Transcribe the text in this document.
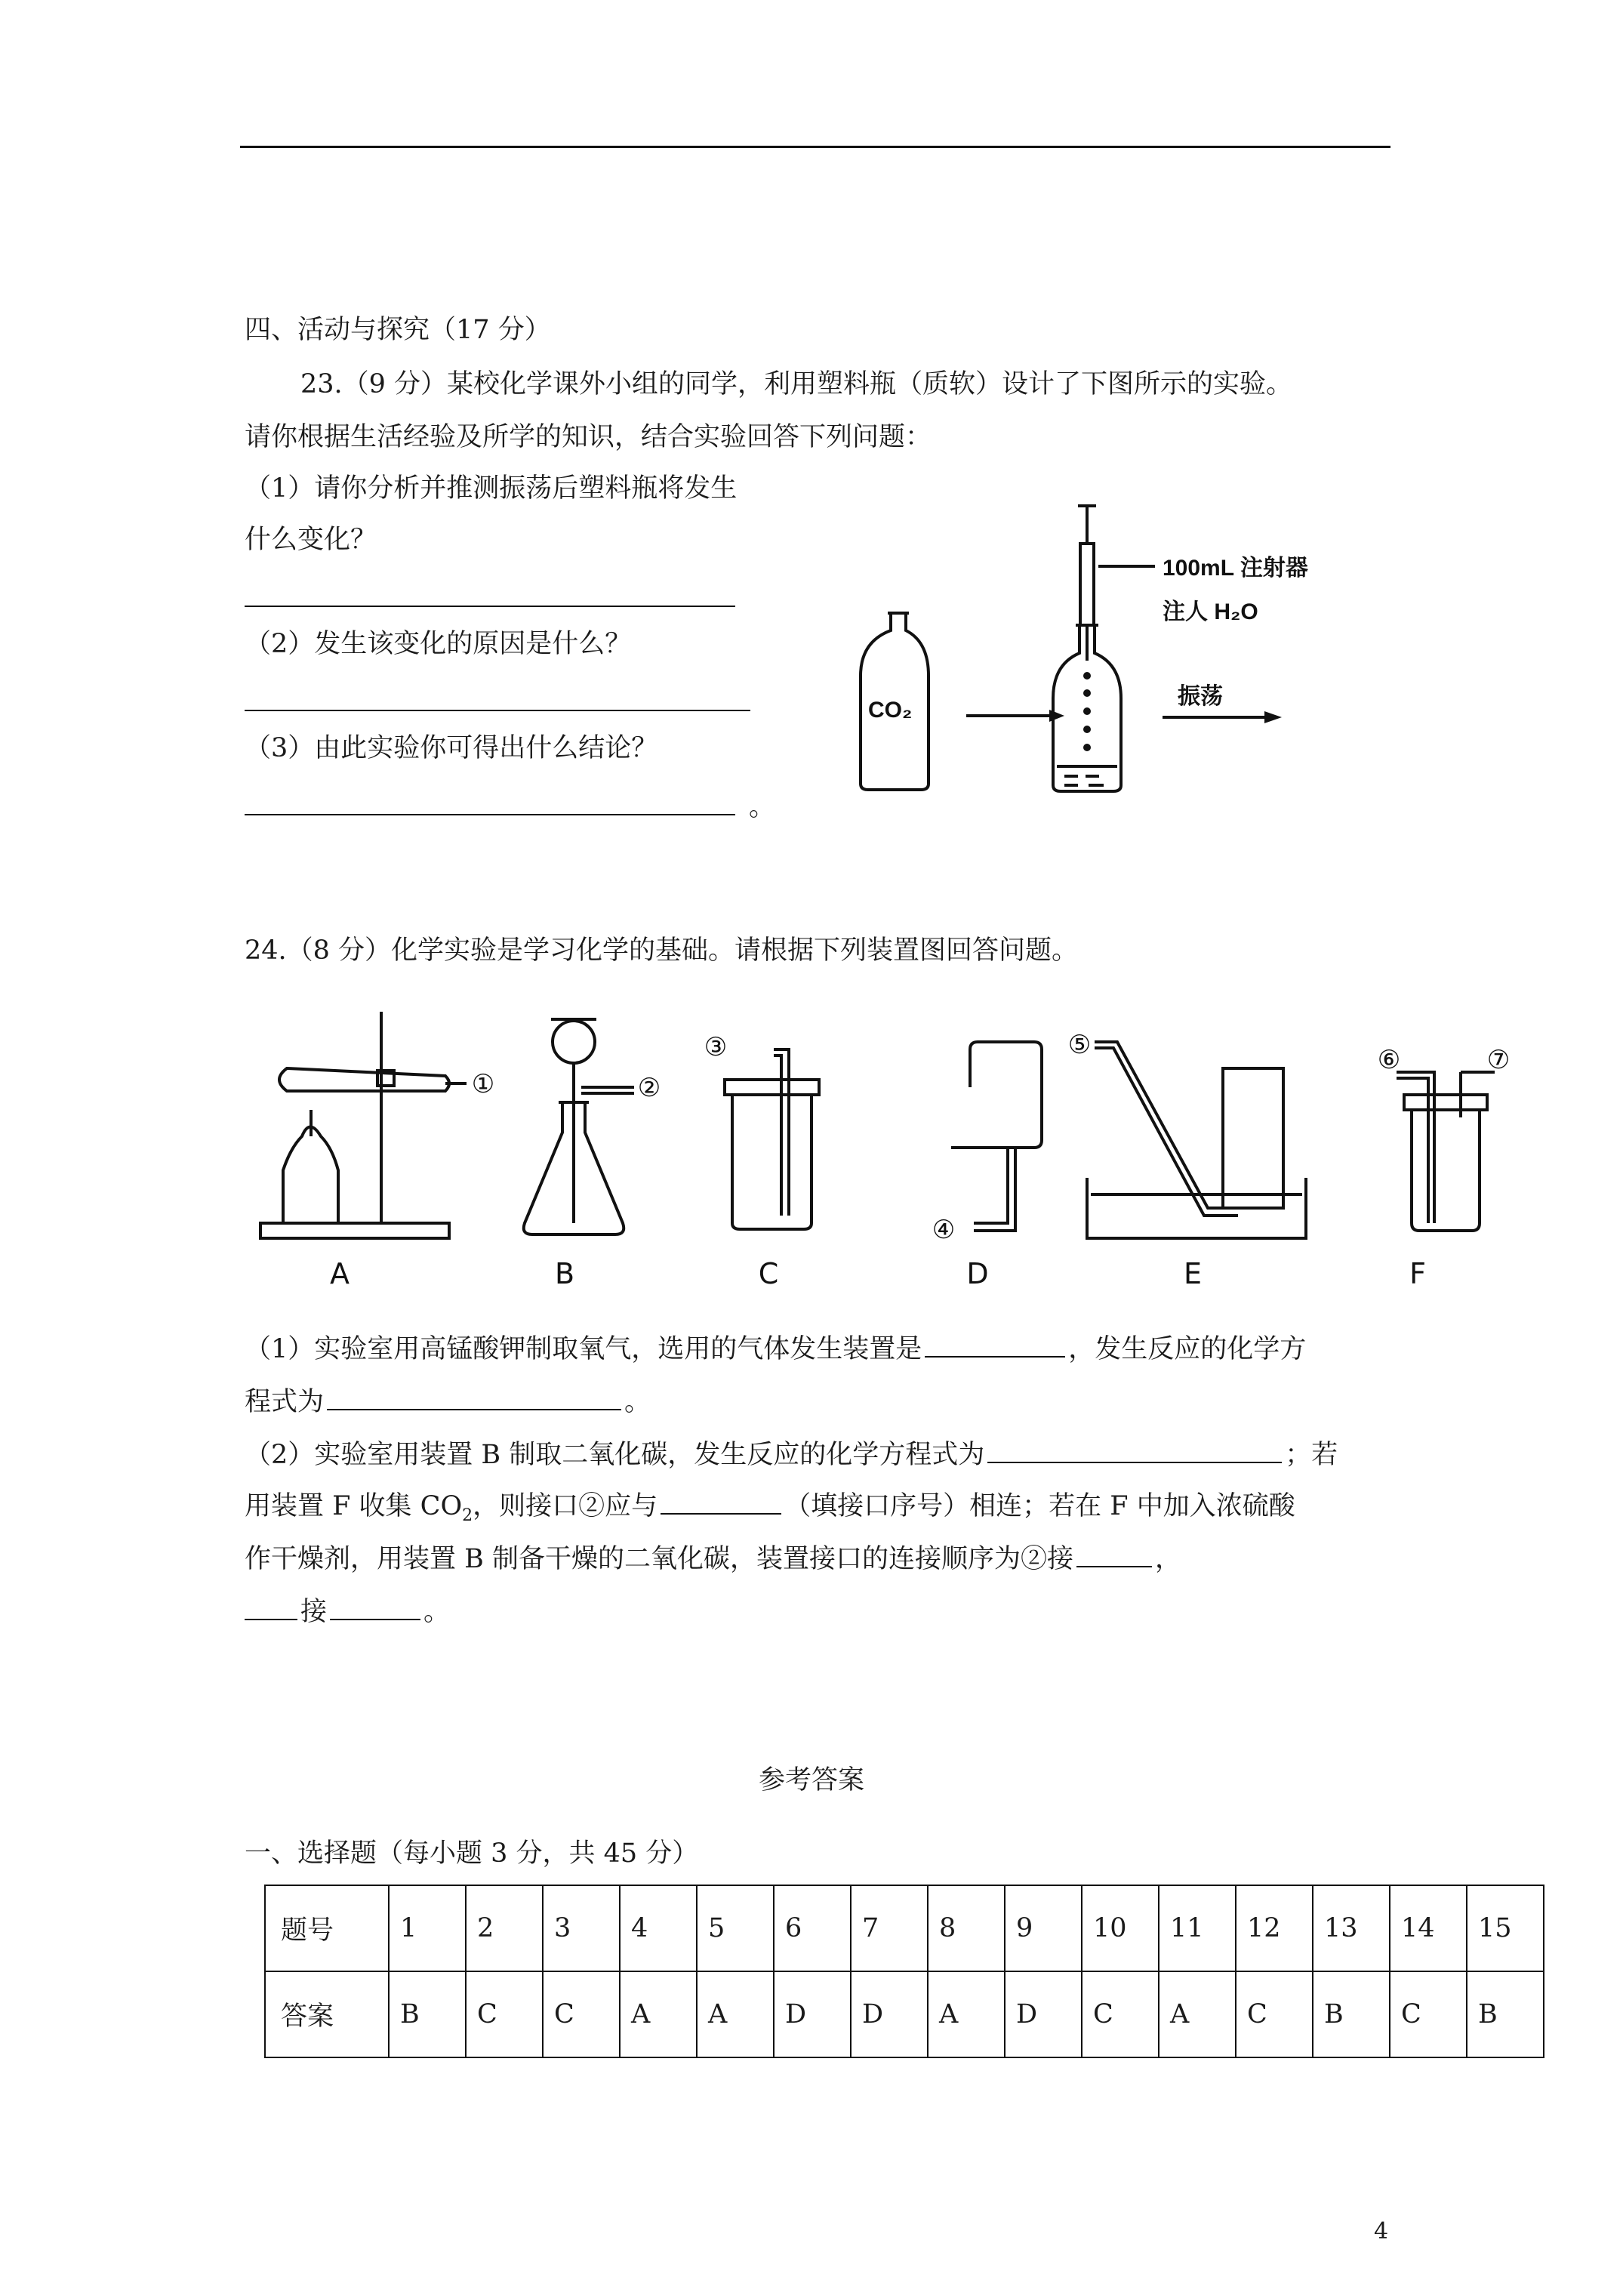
四、活动与探究（17 分）
23.（9 分）某校化学课外小组的同学，利用塑料瓶（质软）设计了下图所示的实验。
请你根据生活经验及所学的知识，结合实验回答下列问题：
（1）请你分析并推测振荡后塑料瓶将发生
什么变化？
（2）发生该变化的原因是什么？
（3）由此实验你可得出什么结论？
。
CO₂
100mL 注射器
注人 H₂O
振荡
24.（8 分）化学实验是学习化学的基础。请根据下列装置图回答问题。
A	B	C	D	E	F
①	②
③
④
⑤	⑥	⑦
（1）实验室用高锰酸钾制取氧气，选用的气体发生装置是	，发生反应的化学方
程式为	。
（2）实验室用装置 B 制取二氧化碳，发生反应的化学方程式为	；若
用装置 F 收集 $CO_2$，则接口②应与	（填接口序号）相连；若在 F 中加入浓硫酸
作干燥剂，用装置 B 制备干燥的二氧化碳，装置接口的连接顺序为②接	，
接	。
参考答案
一、选择题（每小题 3 分，共 45 分）
题号	1	2	3	4	5	6	7	8	9	10	11	12	13	14	15
答案	B	C	C	A	A	D	D	A	D	C	A	C	B	C	B
4
